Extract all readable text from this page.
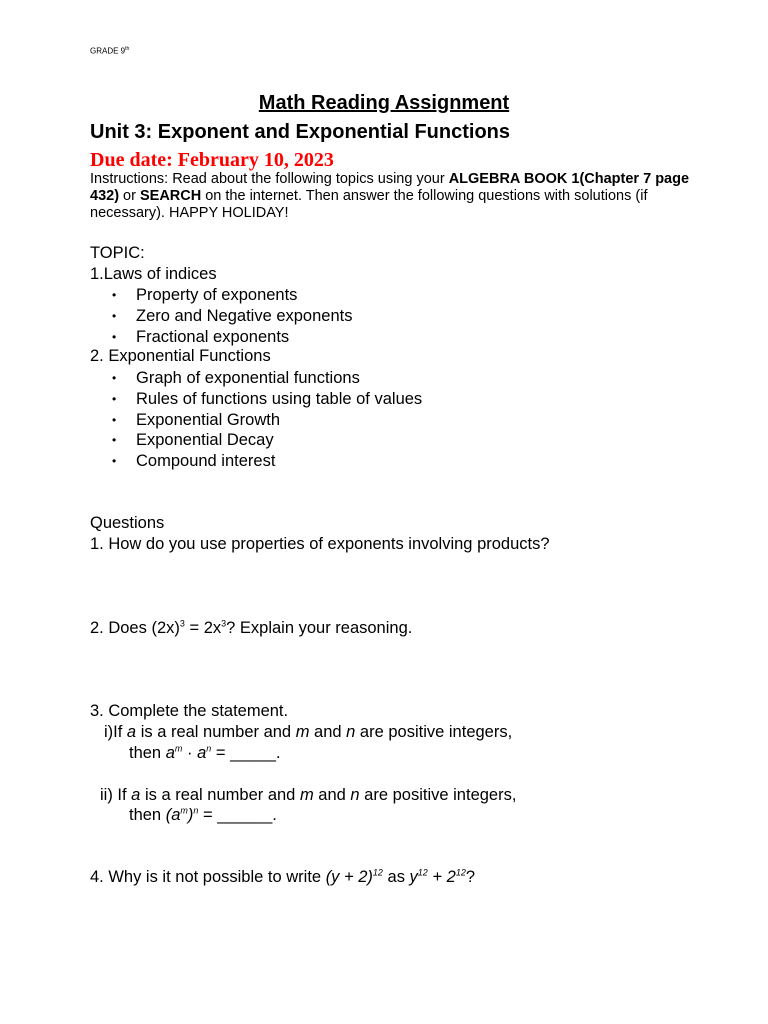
GRADE 9th
Math Reading Assignment
Unit 3: Exponent and Exponential Functions
Due date: February 10, 2023
Instructions: Read about the following topics using your ALGEBRA BOOK 1(Chapter 7 page 432) or SEARCH on the internet. Then answer the following questions with solutions (if necessary). HAPPY HOLIDAY!
TOPIC:
1.Laws of indices
• Property of exponents
• Zero and Negative exponents
• Fractional exponents
2. Exponential Functions
• Graph of exponential functions
• Rules of functions using table of values
• Exponential Growth
• Exponential Decay
• Compound interest
Questions
1. How do you use properties of exponents involving products?
2. Does $(2x)^3 = 2x^3$? Explain your reasoning.
3. Complete the statement.
i)If a is a real number and m and n are positive integers,
then $a^m \cdot a^n$ = _____.
ii) If a is a real number and m and n are positive integers,
then $(a^m)^n$ = ______.
4. Why is it not possible to write $(y + 2)^{12}$ as $y^{12} + 2^{12}$?
